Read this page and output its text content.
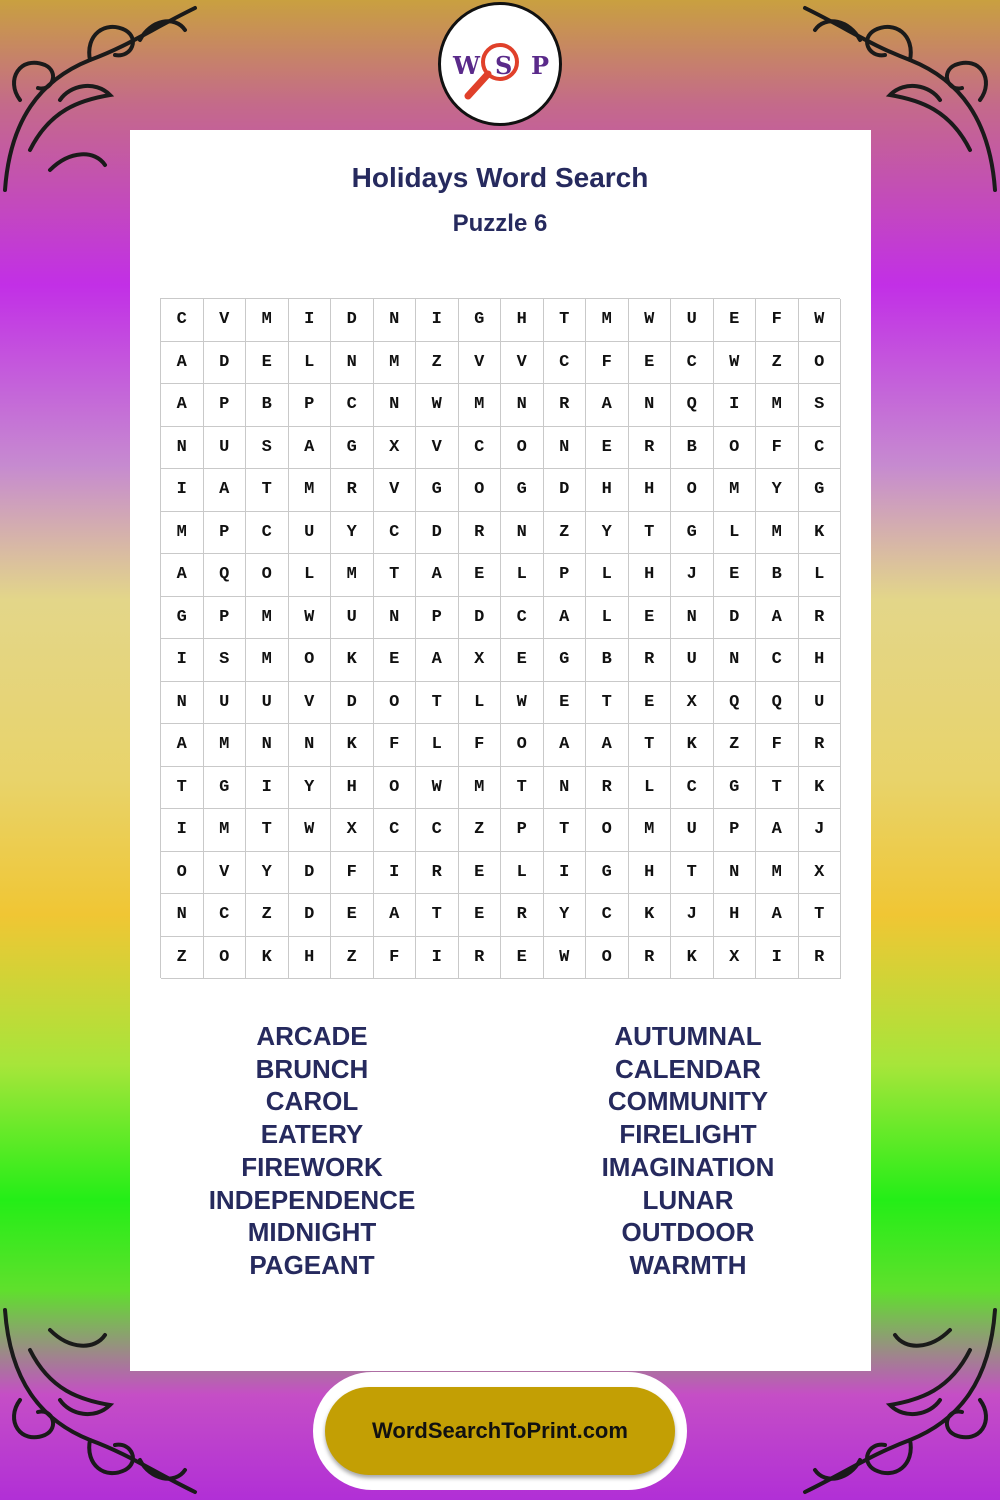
W S P
Holidays Word Search
Puzzle 6
C	V	M	I	D	N	I	G	H	T	M	W	U	E	F	W
A	D	E	L	N	M	Z	V	V	C	F	E	C	W	Z	O
A	P	B	P	C	N	W	M	N	R	A	N	Q	I	M	S
N	U	S	A	G	X	V	C	O	N	E	R	B	O	F	C
I	A	T	M	R	V	G	O	G	D	H	H	O	M	Y	G
M	P	C	U	Y	C	D	R	N	Z	Y	T	G	L	M	K
A	Q	O	L	M	T	A	E	L	P	L	H	J	E	B	L
G	P	M	W	U	N	P	D	C	A	L	E	N	D	A	R
I	S	M	O	K	E	A	X	E	G	B	R	U	N	C	H
N	U	U	V	D	O	T	L	W	E	T	E	X	Q	Q	U
A	M	N	N	K	F	L	F	O	A	A	T	K	Z	F	R
T	G	I	Y	H	O	W	M	T	N	R	L	C	G	T	K
I	M	T	W	X	C	C	Z	P	T	O	M	U	P	A	J
O	V	Y	D	F	I	R	E	L	I	G	H	T	N	M	X
N	C	Z	D	E	A	T	E	R	Y	C	K	J	H	A	T
Z	O	K	H	Z	F	I	R	E	W	O	R	K	X	I	R
ARCADE
BRUNCH
CAROL
EATERY
FIREWORK
INDEPENDENCE
MIDNIGHT
PAGEANT
AUTUMNAL
CALENDAR
COMMUNITY
FIRELIGHT
IMAGINATION
LUNAR
OUTDOOR
WARMTH
WordSearchToPrint.com
